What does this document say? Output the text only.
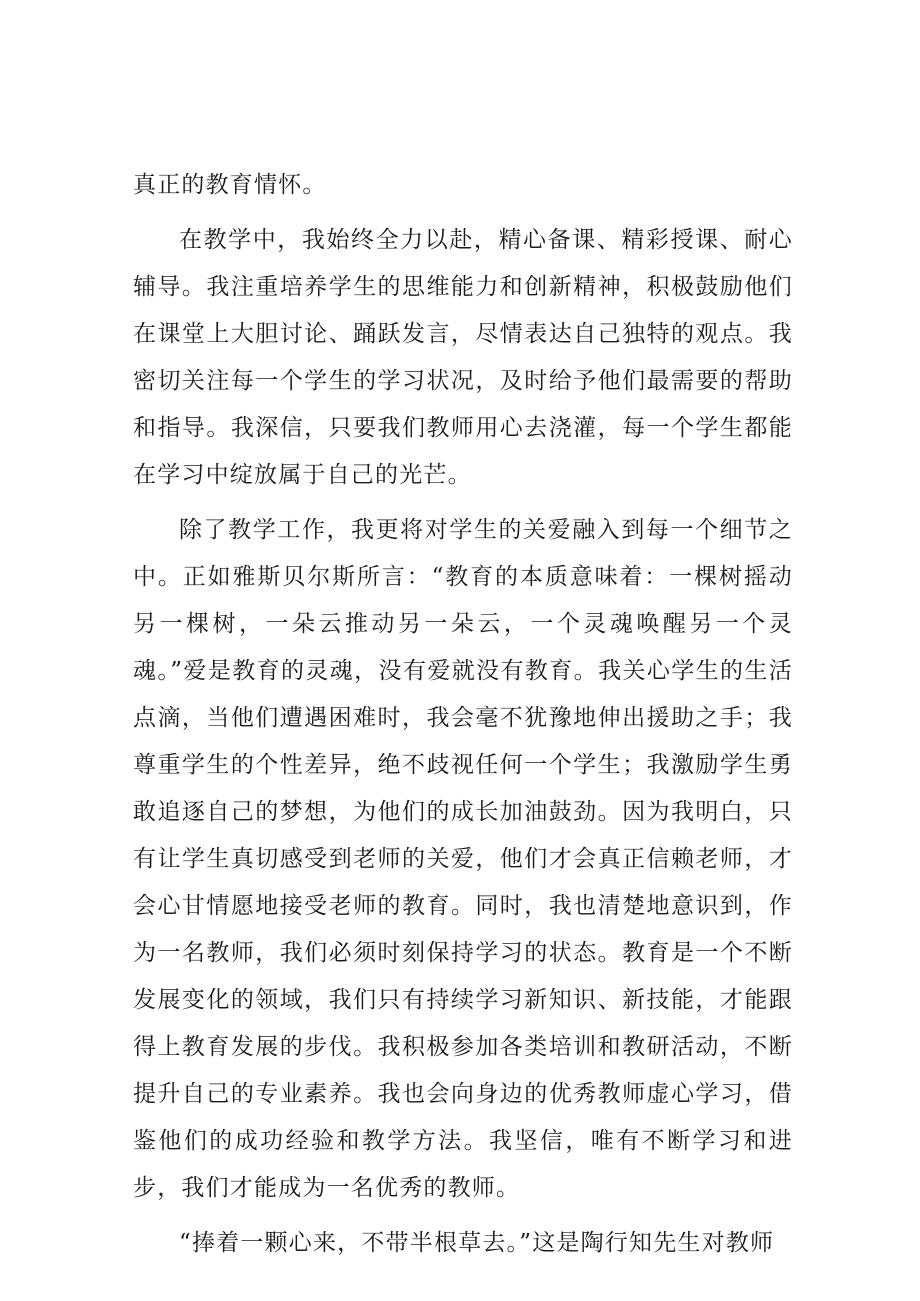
真正的教育情怀。

在教学中，我始终全力以赴，精心备课、精彩授课、耐心辅导。我注重培养学生的思维能力和创新精神，积极鼓励他们在课堂上大胆讨论、踊跃发言，尽情表达自己独特的观点。我密切关注每一个学生的学习状况，及时给予他们最需要的帮助和指导。我深信，只要我们教师用心去浇灌，每一个学生都能在学习中绽放属于自己的光芒。

除了教学工作，我更将对学生的关爱融入到每一个细节之中。正如雅斯贝尔斯所言：“教育的本质意味着：一棵树摇动另一棵树，一朵云推动另一朵云，一个灵魂唤醒另一个灵魂。”爱是教育的灵魂，没有爱就没有教育。我关心学生的生活点滴，当他们遭遇困难时，我会毫不犹豫地伸出援助之手；我尊重学生的个性差异，绝不歧视任何一个学生；我激励学生勇敢追逐自己的梦想，为他们的成长加油鼓劲。因为我明白，只有让学生真切感受到老师的关爱，他们才会真正信赖老师，才会心甘情愿地接受老师的教育。同时，我也清楚地意识到，作为一名教师，我们必须时刻保持学习的状态。教育是一个不断发展变化的领域，我们只有持续学习新知识、新技能，才能跟得上教育发展的步伐。我积极参加各类培训和教研活动，不断提升自己的专业素养。我也会向身边的优秀教师虚心学习，借鉴他们的成功经验和教学方法。我坚信，唯有不断学习和进步，我们才能成为一名优秀的教师。

“捧着一颗心来，不带半根草去。”这是陶行知先生对教师
